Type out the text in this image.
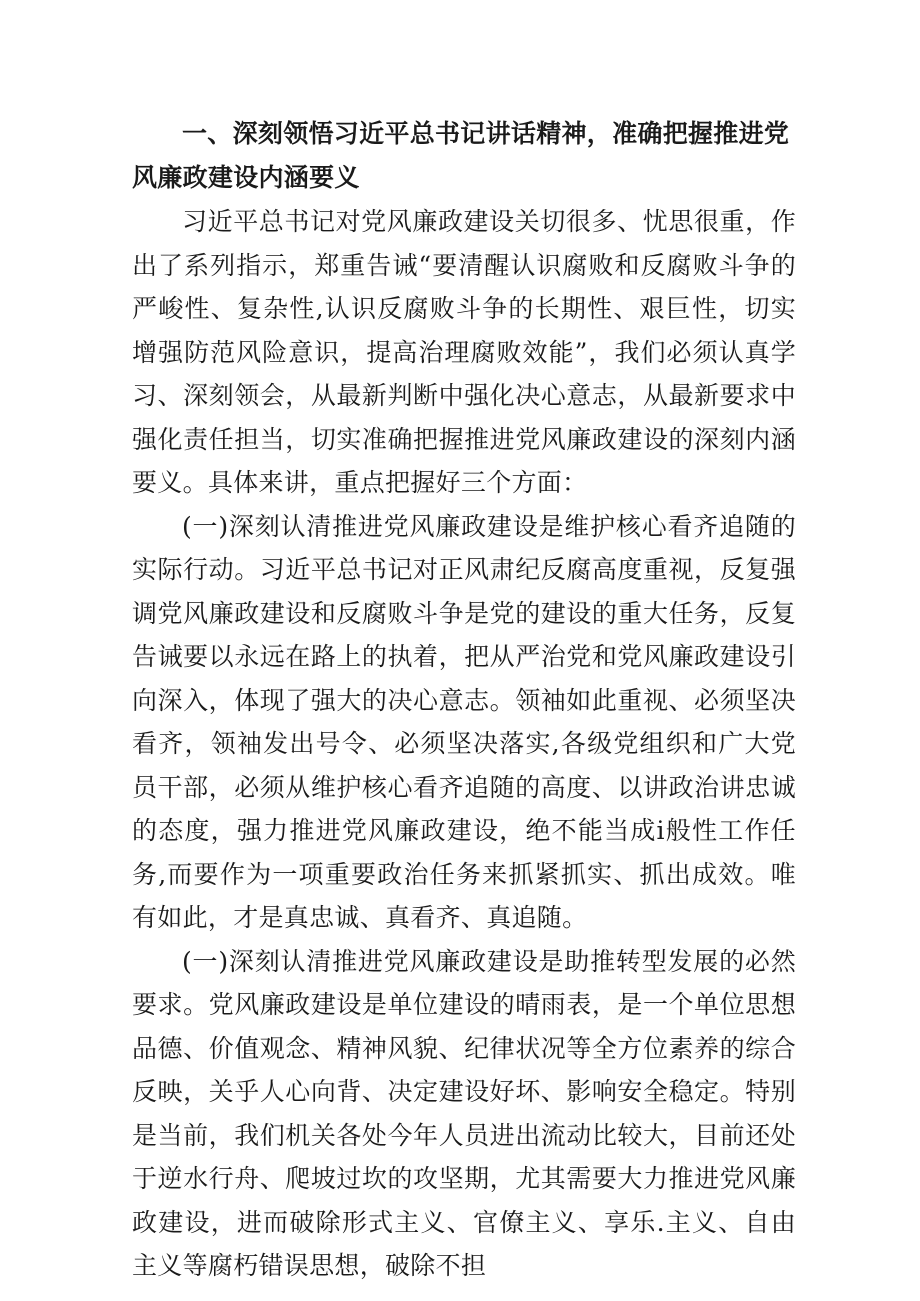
一、深刻领悟习近平总书记讲话精神，准确把握推进党风廉政建设内涵要义

习近平总书记对党风廉政建设关切很多、忧思很重，作出了系列指示，郑重告诫“要清醒认识腐败和反腐败斗争的严峻性、复杂性,认识反腐败斗争的长期性、艰巨性，切实增强防范风险意识，提高治理腐败效能”，我们必须认真学习、深刻领会，从最新判断中强化决心意志，从最新要求中强化责任担当，切实准确把握推进党风廉政建设的深刻内涵要义。具体来讲，重点把握好三个方面：

(一)深刻认清推进党风廉政建设是维护核心看齐追随的实际行动。习近平总书记对正风肃纪反腐高度重视，反复强调党风廉政建设和反腐败斗争是党的建设的重大任务，反复告诫要以永远在路上的执着，把从严治党和党风廉政建设引向深入，体现了强大的决心意志。领袖如此重视、必须坚决看齐，领袖发出号令、必须坚决落实,各级党组织和广大党员干部，必须从维护核心看齐追随的高度、以讲政治讲忠诚的态度，强力推进党风廉政建设，绝不能当成i般性工作任务,而要作为一项重要政治任务来抓紧抓实、抓出成效。唯有如此，才是真忠诚、真看齐、真追随。

(一)深刻认清推进党风廉政建设是助推转型发展的必然要求。党风廉政建设是单位建设的晴雨表，是一个单位思想品德、价值观念、精神风貌、纪律状况等全方位素养的综合反映，关乎人心向背、决定建设好坏、影响安全稳定。特别是当前，我们机关各处今年人员进出流动比较大，目前还处于逆水行舟、爬坡过坎的攻坚期，尤其需要大力推进党风廉政建设，进而破除形式主义、官僚主义、享乐.主义、自由主义等腐朽错误思想，破除不担
